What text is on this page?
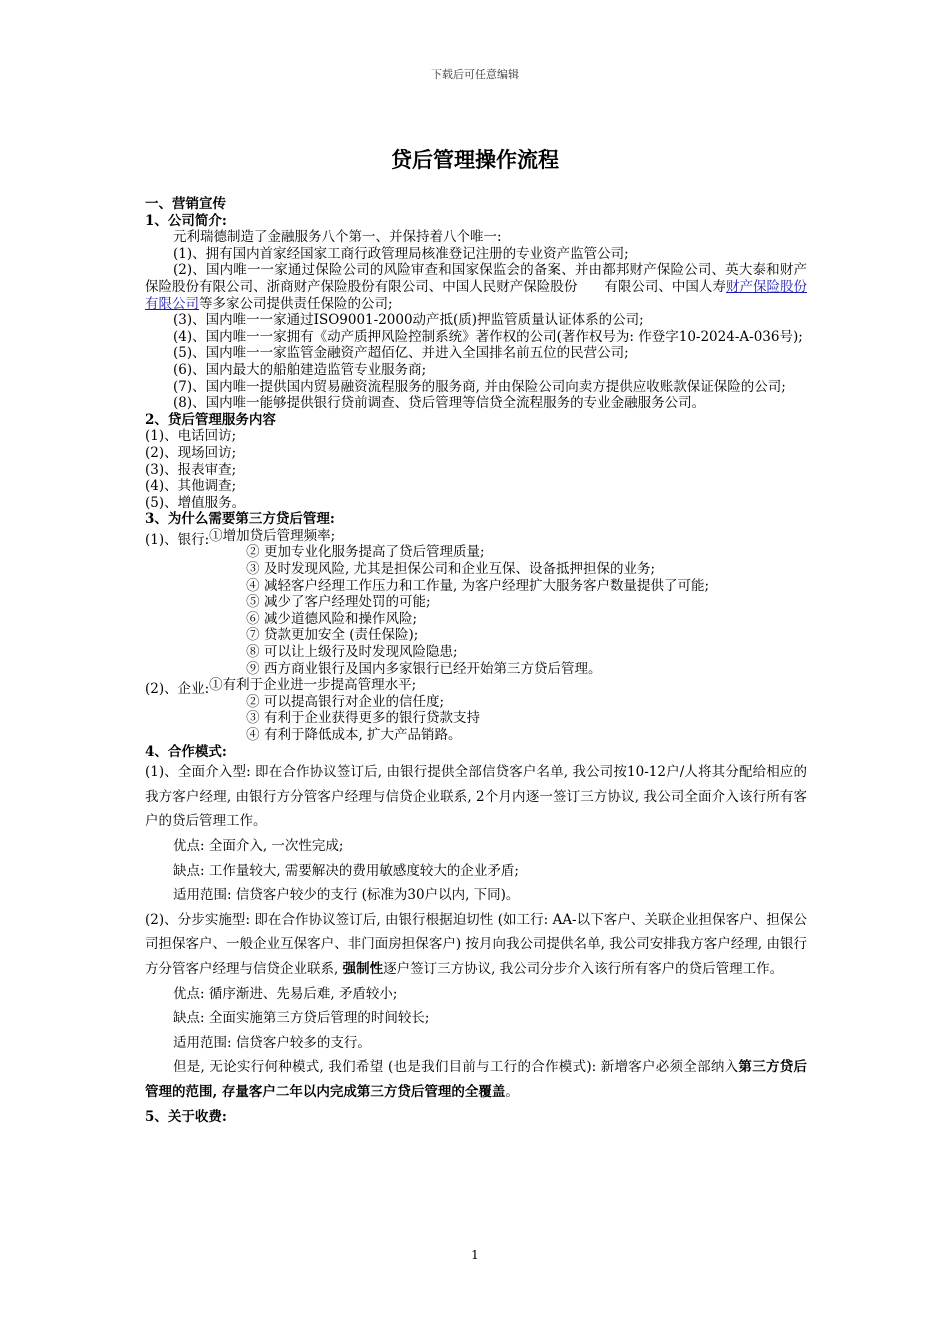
下载后可任意编辑
贷后管理操作流程

一、营销宣传

1、公司简介:

元利瑞德制造了金融服务八个第一、并保持着八个唯一:

(1)、拥有国内首家经国家工商行政管理局核准登记注册的专业资产监管公司;

(2)、国内唯一一家通过保险公司的风险审查和国家保监会的备案、并由都邦财产保险公司、英大泰和财产保险股份有限公司、浙商财产保险股份有限公司、中国人民财产保险股份　　有限公司、中国人寿财产保险股份有限公司等多家公司提供责任保险的公司;

(3)、国内唯一一家通过ISO9001-2000动产抵(质)押监管质量认证体系的公司;

(4)、国内唯一一家拥有《动产质押风险控制系统》著作权的公司(著作权号为: 作登字10-2024-A-036号);

(5)、国内唯一一家监管金融资产超佰亿、并进入全国排名前五位的民营公司;

(6)、国内最大的船舶建造监管专业服务商;

(7)、国内唯一提供国内贸易融资流程服务的服务商, 并由保险公司向卖方提供应收账款保证保险的公司;

(8)、国内唯一能够提供银行贷前调查、贷后管理等信贷全流程服务的专业金融服务公司。

2、贷后管理服务内容

(1)、电话回访;

(2)、现场回访;

(3)、报表审查;

(4)、其他调查;

(5)、增值服务。

3、为什么需要第三方贷后管理:

(1)、银行: ①增加贷后管理频率;
② 更加专业化服务提高了贷后管理质量;
③ 及时发现风险, 尤其是担保公司和企业互保、设备抵押担保的业务;
④ 减轻客户经理工作压力和工作量, 为客户经理扩大服务客户数量提供了可能;
⑤ 减少了客户经理处罚的可能;
⑥ 减少道德风险和操作风险;
⑦ 贷款更加安全 (责任保险);
⑧ 可以让上级行及时发现风险隐患;
⑨ 西方商业银行及国内多家银行已经开始第三方贷后管理。
(2)、企业: ①有利于企业进一步提高管理水平;
② 可以提高银行对企业的信任度;
③ 有利于企业获得更多的银行贷款支持
④ 有利于降低成本, 扩大产品销路。

4、合作模式:

(1)、全面介入型: 即在合作协议签订后, 由银行提供全部信贷客户名单, 我公司按10-12户/人将其分配给相应的我方客户经理, 由银行方分管客户经理与信贷企业联系, 2个月内逐一签订三方协议, 我公司全面介入该行所有客户的贷后管理工作。

优点: 全面介入, 一次性完成;

缺点: 工作量较大, 需要解决的费用敏感度较大的企业矛盾;

适用范围: 信贷客户较少的支行 (标准为30户以内, 下同)。

(2)、分步实施型: 即在合作协议签订后, 由银行根据迫切性 (如工行: AA-以下客户、关联企业担保客户、担保公司担保客户、一般企业互保客户、非门面房担保客户) 按月向我公司提供名单, 我公司安排我方客户经理, 由银行方分管客户经理与信贷企业联系, 强制性逐户签订三方协议, 我公司分步介入该行所有客户的贷后管理工作。

优点: 循序渐进、先易后难, 矛盾较小;

缺点: 全面实施第三方贷后管理的时间较长;

适用范围: 信贷客户较多的支行。

但是, 无论实行何种模式, 我们希望 (也是我们目前与工行的合作模式): 新增客户必须全部纳入第三方贷后管理的范围, 存量客户二年以内完成第三方贷后管理的全覆盖。

5、关于收费:

1
